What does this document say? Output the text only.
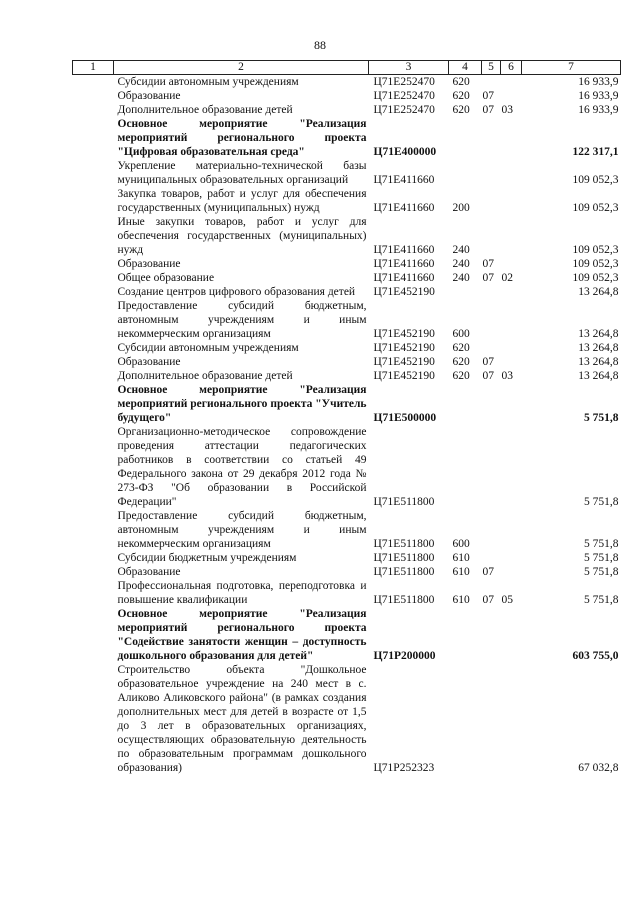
88
1	2	3	4	5	6	7
	Субсидии автономным учреждениям	Ц71Е252470	620			16 933,9
	Образование	Ц71Е252470	620	07		16 933,9
	Дополнительное образование детей	Ц71Е252470	620	07	03	16 933,9
	Основное мероприятие "Реализация мероприятий регионального проекта "Цифровая образовательная среда"	Ц71Е400000				122 317,1
	Укрепление материально-технической базы муниципальных образовательных организаций	Ц71Е411660				109 052,3
	Закупка товаров, работ и услуг для обеспечения государственных (муниципальных) нужд	Ц71Е411660	200			109 052,3
	Иные закупки товаров, работ и услуг для обеспечения государственных (муниципальных) нужд	Ц71Е411660	240			109 052,3
	Образование	Ц71Е411660	240	07		109 052,3
	Общее образование	Ц71Е411660	240	07	02	109 052,3
	Создание центров цифрового образования детей	Ц71Е452190				13 264,8
	Предоставление субсидий бюджетным, автономным учреждениям и иным некоммерческим организациям	Ц71Е452190	600			13 264,8
	Субсидии автономным учреждениям	Ц71Е452190	620			13 264,8
	Образование	Ц71Е452190	620	07		13 264,8
	Дополнительное образование детей	Ц71Е452190	620	07	03	13 264,8
	Основное мероприятие "Реализация мероприятий регионального проекта "Учитель будущего"	Ц71Е500000				5 751,8
	Организационно-методическое сопровождение проведения аттестации педагогических работников в соответствии со статьей 49 Федерального закона от 29 декабря 2012 года № 273-ФЗ "Об образовании в Российской Федерации"	Ц71Е511800				5 751,8
	Предоставление субсидий бюджетным, автономным учреждениям и иным некоммерческим организациям	Ц71Е511800	600			5 751,8
	Субсидии бюджетным учреждениям	Ц71Е511800	610			5 751,8
	Образование	Ц71Е511800	610	07		5 751,8
	Профессиональная подготовка, переподготовка и повышение квалификации	Ц71Е511800	610	07	05	5 751,8
	Основное мероприятие "Реализация мероприятий регионального проекта "Содействие занятости женщин – доступность дошкольного образования для детей"	Ц71Р200000				603 755,0
	Строительство объекта "Дошкольное образовательное учреждение на 240 мест в с. Аликово Аликовского района" (в рамках создания дополнительных мест для детей в возрасте от 1,5 до 3 лет в образовательных организациях, осуществляющих образовательную деятельность по образовательным программам дошкольного образования)	Ц71Р252323				67 032,8
